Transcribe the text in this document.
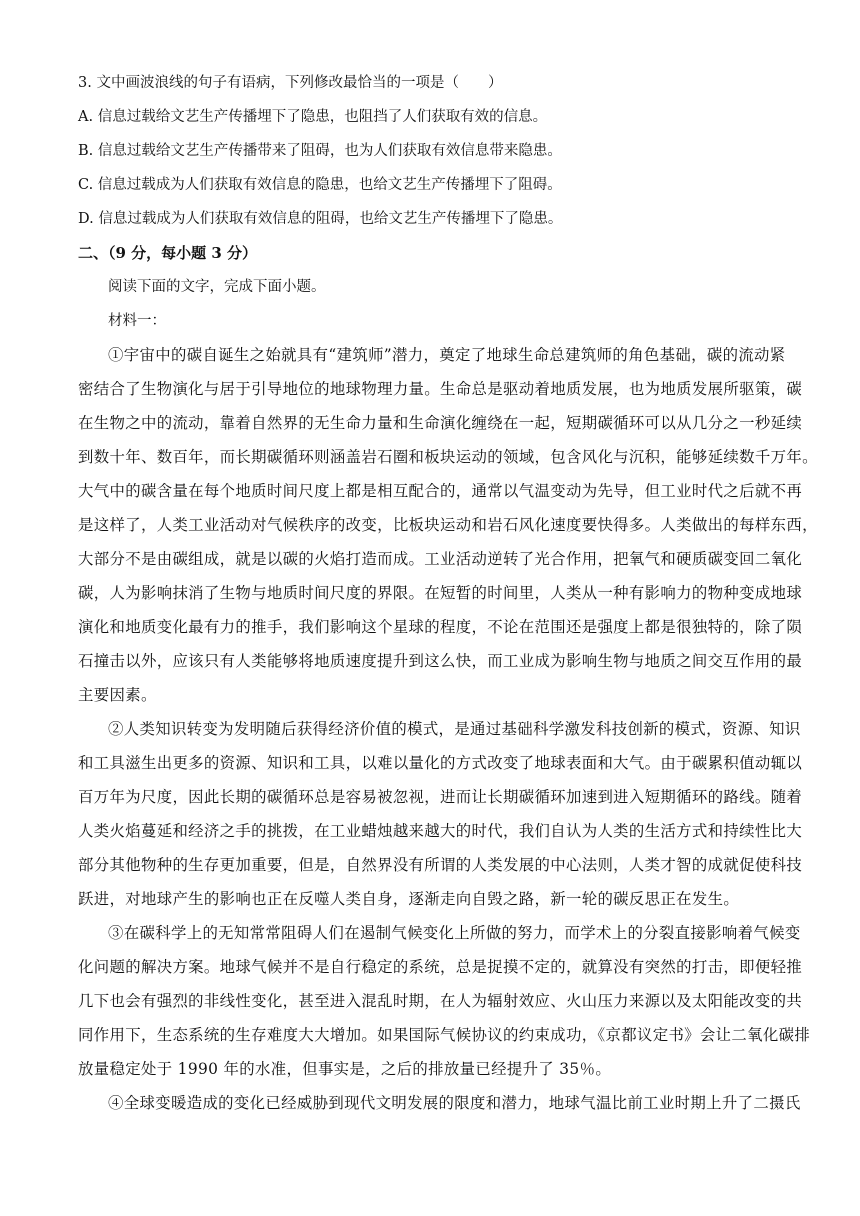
3. 文中画波浪线的句子有语病，下列修改最恰当的一项是（　　）
A. 信息过载给文艺生产传播埋下了隐患，也阻挡了人们获取有效的信息。
B. 信息过载给文艺生产传播带来了阻碍，也为人们获取有效信息带来隐患。
C. 信息过载成为人们获取有效信息的隐患，也给文艺生产传播埋下了阻碍。
D. 信息过载成为人们获取有效信息的阻碍，也给文艺生产传播埋下了隐患。
二、（9 分，每小题 3 分）
阅读下面的文字，完成下面小题。
材料一：
①宇宙中的碳自诞生之始就具有“建筑师”潜力，奠定了地球生命总建筑师的角色基础，碳的流动紧
密结合了生物演化与居于引导地位的地球物理力量。生命总是驱动着地质发展，也为地质发展所驱策，碳
在生物之中的流动，靠着自然界的无生命力量和生命演化缠绕在一起，短期碳循环可以从几分之一秒延续
到数十年、数百年，而长期碳循环则涵盖岩石圈和板块运动的领域，包含风化与沉积，能够延续数千万年。
大气中的碳含量在每个地质时间尺度上都是相互配合的，通常以气温变动为先导，但工业时代之后就不再
是这样了，人类工业活动对气候秩序的改变，比板块运动和岩石风化速度要快得多。人类做出的每样东西，
大部分不是由碳组成，就是以碳的火焰打造而成。工业活动逆转了光合作用，把氧气和硬质碳变回二氧化
碳，人为影响抹消了生物与地质时间尺度的界限。在短暂的时间里，人类从一种有影响力的物种变成地球
演化和地质变化最有力的推手，我们影响这个星球的程度，不论在范围还是强度上都是很独特的，除了陨
石撞击以外，应该只有人类能够将地质速度提升到这么快，而工业成为影响生物与地质之间交互作用的最
主要因素。
②人类知识转变为发明随后获得经济价值的模式，是通过基础科学激发科技创新的模式，资源、知识
和工具滋生出更多的资源、知识和工具，以难以量化的方式改变了地球表面和大气。由于碳累积值动辄以
百万年为尺度，因此长期的碳循环总是容易被忽视，进而让长期碳循环加速到进入短期循环的路线。随着
人类火焰蔓延和经济之手的挑拨，在工业蜡烛越来越大的时代，我们自认为人类的生活方式和持续性比大
部分其他物种的生存更加重要，但是，自然界没有所谓的人类发展的中心法则，人类才智的成就促使科技
跃进，对地球产生的影响也正在反噬人类自身，逐渐走向自毁之路，新一轮的碳反思正在发生。
③在碳科学上的无知常常阻碍人们在遏制气候变化上所做的努力，而学术上的分裂直接影响着气候变
化问题的解决方案。地球气候并不是自行稳定的系统，总是捉摸不定的，就算没有突然的打击，即便轻推
几下也会有强烈的非线性变化，甚至进入混乱时期，在人为辐射效应、火山压力来源以及太阳能改变的共
同作用下，生态系统的生存难度大大增加。如果国际气候协议的约束成功，《京都议定书》会让二氧化碳排
放量稳定处于 1990 年的水准，但事实是，之后的排放量已经提升了 35％。
④全球变暖造成的变化已经威胁到现代文明发展的限度和潜力，地球气温比前工业时期上升了二摄氏
